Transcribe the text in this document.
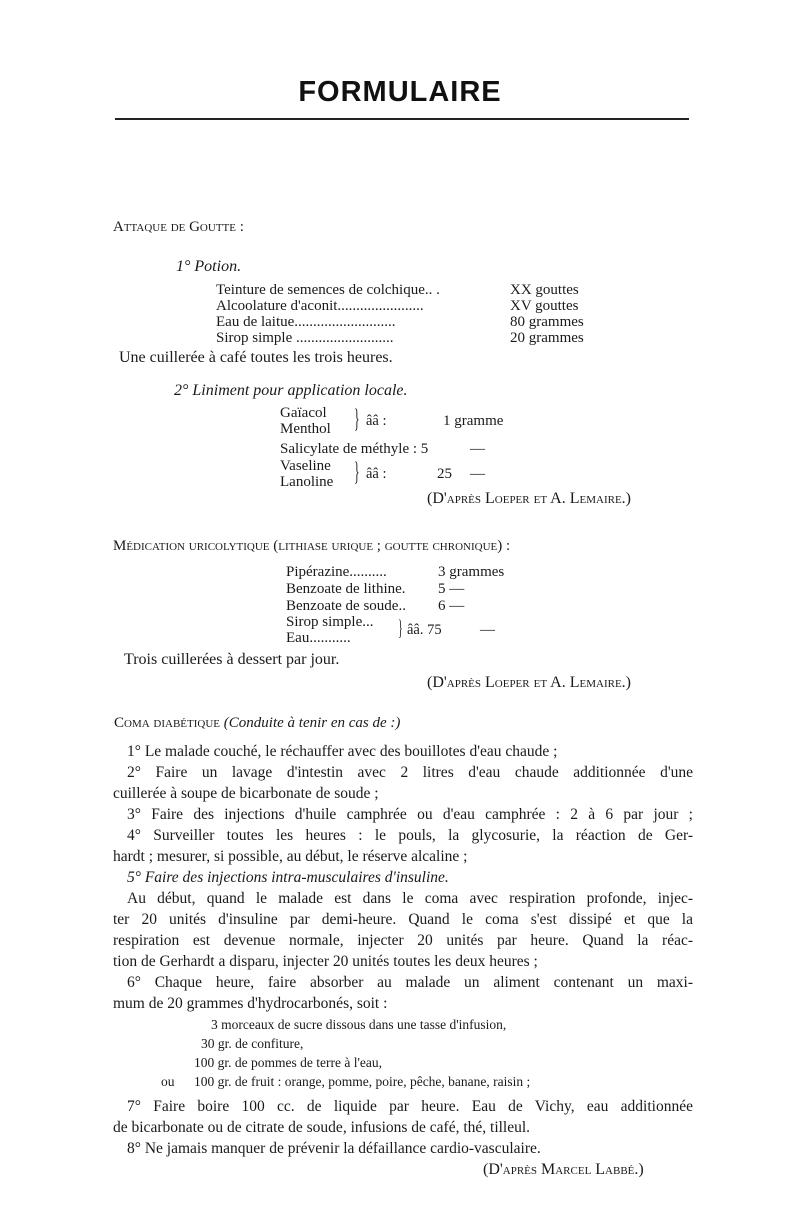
FORMULAIRE
Attaque de Goutte :
1° Potion.
Teinture de semences de colchique.. .	XX gouttes
Alcoolature d'aconit.......................	XV gouttes
Eau de laitue...........................	80 grammes
Sirop simple ..........................	20 grammes
Une cuillerée à café toutes les trois heures.
2° Liniment pour application locale.
Gaïacol
Menthol } ââ :	1 gramme
Salicylate de méthyle : 5	—
Vaseline
Lanoline } ââ :	25 —
(D'après Loeper et A. Lemaire.)
Médication uricolytique (lithiase urique ; goutte chronique) :
Pipérazine..........	3 grammes
Benzoate de lithine. 5 —
Benzoate de soude.. 6 —
Sirop simple...
Eau........... } ââ. 75	—
Trois cuillerées à dessert par jour.
(D'après Loeper et A. Lemaire.)
Coma diabétique (Conduite à tenir en cas de :)
1° Le malade couché, le réchauffer avec des bouillotes d'eau chaude ;
2° Faire un lavage d'intestin avec 2 litres d'eau chaude additionnée d'une
cuillerée à soupe de bicarbonate de soude ;
3° Faire des injections d'huile camphrée ou d'eau camphrée : 2 à 6 par jour ;
4° Surveiller toutes les heures : le pouls, la glycosurie, la réaction de Ger-
hardt ; mesurer, si possible, au début, le réserve alcaline ;
5° Faire des injections intra-musculaires d'insuline.
Au début, quand le malade est dans le coma avec respiration profonde, injec-
ter 20 unités d'insuline par demi-heure. Quand le coma s'est dissipé et que la
respiration est devenue normale, injecter 20 unités par heure. Quand la réac-
tion de Gerhardt a disparu, injecter 20 unités toutes les deux heures ;
6° Chaque heure, faire absorber au malade un aliment contenant un maxi-
mum de 20 grammes d'hydrocarbonés, soit :
3 morceaux de sucre dissous dans une tasse d'infusion,
30 gr. de confiture,
100 gr. de pommes de terre à l'eau,
ou 100 gr. de fruit : orange, pomme, poire, pêche, banane, raisin ;
7° Faire boire 100 cc. de liquide par heure. Eau de Vichy, eau additionnée
de bicarbonate ou de citrate de soude, infusions de café, thé, tilleul.
8° Ne jamais manquer de prévenir la défaillance cardio-vasculaire.
(D'après Marcel Labbé.)
